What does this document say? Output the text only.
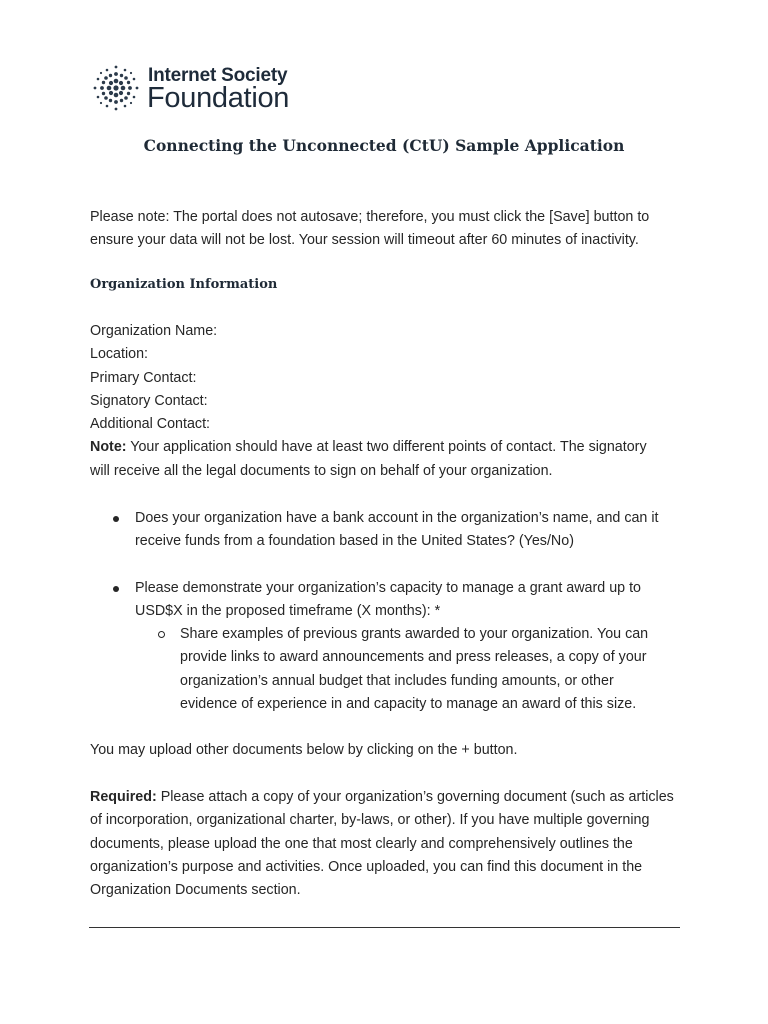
Internet Society
Foundation
Connecting the Unconnected (CtU) Sample Application
Please note: The portal does not autosave; therefore, you must click the [Save] button to
ensure your data will not be lost. Your session will timeout after 60 minutes of inactivity.
Organization Information
Organization Name:
Location:
Primary Contact:
Signatory Contact:
Additional Contact:
Note: Your application should have at least two different points of contact. The signatory
will receive all the legal documents to sign on behalf of your organization.
Does your organization have a bank account in the organization’s name, and can it
receive funds from a foundation based in the United States? (Yes/No)
Please demonstrate your organization’s capacity to manage a grant award up to
USD$X in the proposed timeframe (X months): *
Share examples of previous grants awarded to your organization. You can
provide links to award announcements and press releases, a copy of your
organization’s annual budget that includes funding amounts, or other
evidence of experience in and capacity to manage an award of this size.
You may upload other documents below by clicking on the + button.
Required: Please attach a copy of your organization’s governing document (such as articles
of incorporation, organizational charter, by-laws, or other). If you have multiple governing
documents, please upload the one that most clearly and comprehensively outlines the
organization’s purpose and activities. Once uploaded, you can find this document in the
Organization Documents section.
